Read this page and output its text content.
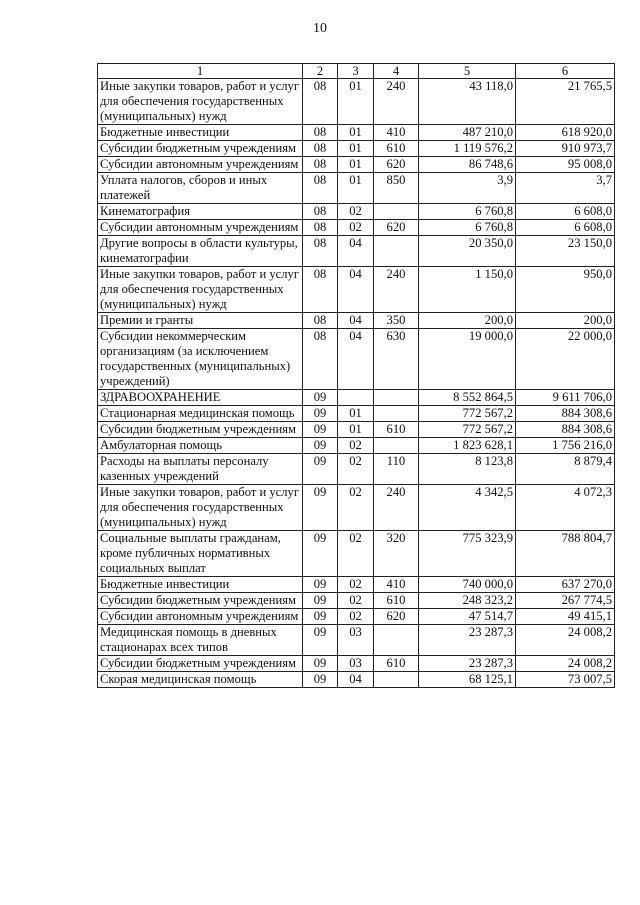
10
1	2	3	4	5	6
Иные закупки товаров, работ и услуг для обеспечения государственных (муниципальных) нужд	08	01	240	43 118,0	21 765,5
Бюджетные инвестиции	08	01	410	487 210,0	618 920,0
Субсидии бюджетным учреждениям	08	01	610	1 119 576,2	910 973,7
Субсидии автономным учреждениям	08	01	620	86 748,6	95 008,0
Уплата налогов, сборов и иных платежей	08	01	850	3,9	3,7
Кинематография	08	02		6 760,8	6 608,0
Субсидии автономным учреждениям	08	02	620	6 760,8	6 608,0
Другие вопросы в области культуры, кинематографии	08	04		20 350,0	23 150,0
Иные закупки товаров, работ и услуг для обеспечения государственных (муниципальных) нужд	08	04	240	1 150,0	950,0
Премии и гранты	08	04	350	200,0	200,0
Субсидии некоммерческим организациям (за исключением государственных (муниципальных) учреждений)	08	04	630	19 000,0	22 000,0
ЗДРАВООХРАНЕНИЕ	09			8 552 864,5	9 611 706,0
Стационарная медицинская помощь	09	01		772 567,2	884 308,6
Субсидии бюджетным учреждениям	09	01	610	772 567,2	884 308,6
Амбулаторная помощь	09	02		1 823 628,1	1 756 216,0
Расходы на выплаты персоналу казенных учреждений	09	02	110	8 123,8	8 879,4
Иные закупки товаров, работ и услуг для обеспечения государственных (муниципальных) нужд	09	02	240	4 342,5	4 072,3
Социальные выплаты гражданам, кроме публичных нормативных социальных выплат	09	02	320	775 323,9	788 804,7
Бюджетные инвестиции	09	02	410	740 000,0	637 270,0
Субсидии бюджетным учреждениям	09	02	610	248 323,2	267 774,5
Субсидии автономным учреждениям	09	02	620	47 514,7	49 415,1
Медицинская помощь в дневных стационарах всех типов	09	03		23 287,3	24 008,2
Субсидии бюджетным учреждениям	09	03	610	23 287,3	24 008,2
Скорая медицинская помощь	09	04		68 125,1	73 007,5
